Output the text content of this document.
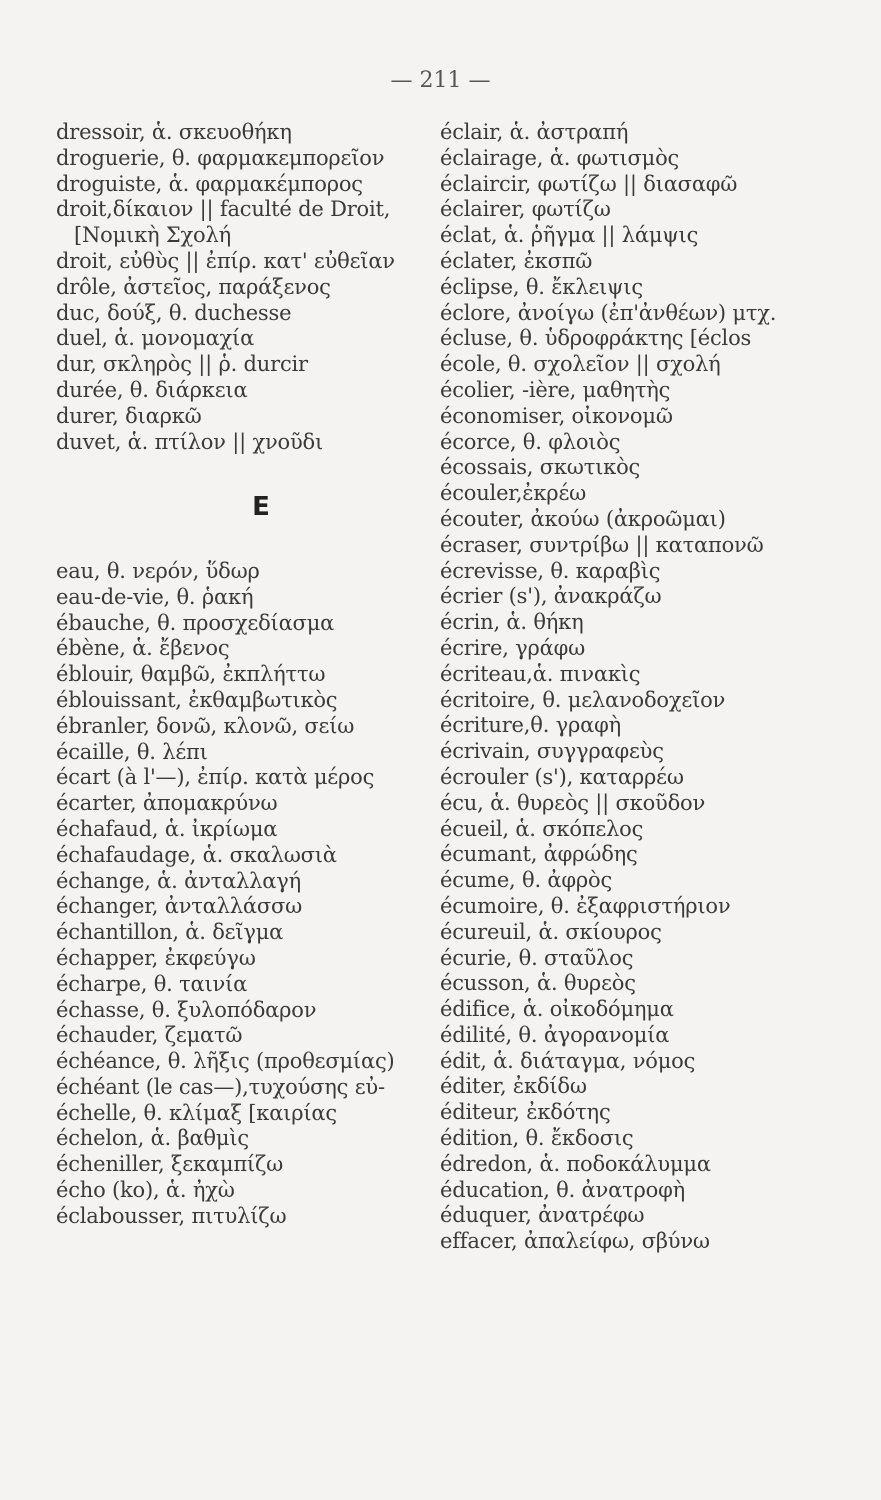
— 211 —
dressoir, ἁ. σκευοθήκη
droguerie, θ. φαρμακεμπορεῖον
droguiste, ἁ. φαρμακέμπορος
droit,δίκαιον || faculté de Droit,
[Νομικὴ Σχολή
droit, εὐθὺς || ἐπίρ. κατ' εὐθεῖαν
drôle, ἀστεῖος, παράξενος
duc, δούξ, θ. duchesse
duel, ἁ. μονομαχία
dur, σκληρὸς || ῥ. durcir
durée, θ. διάρκεια
durer, διαρκῶ
duvet, ἁ. πτίλον || χνοῦδι
E
eau, θ. νερόν, ὕδωρ
eau-de-vie, θ. ῥακή
ébauche, θ. προσχεδίασμα
ébène, ἁ. ἔβενος
éblouir, θαμβῶ, ἐκπλήττω
éblouissant, ἐκθαμβωτικὸς
ébranler, δονῶ, κλονῶ, σείω
écaille, θ. λέπι
écart (à l'—), ἐπίρ. κατὰ μέρος
écarter, ἀπομακρύνω
échafaud, ἁ. ἰκρίωμα
échafaudage, ἁ. σκαλωσιὰ
échange, ἁ. ἀνταλλαγή
échanger, ἀνταλλάσσω
échantillon, ἁ. δεῖγμα
échapper, ἐκφεύγω
écharpe, θ. ταινία
échasse, θ. ξυλοπόδαρον
échauder, ζεματῶ
échéance, θ. λῆξις (προθεσμίας)
échéant (le cas—),τυχούσης εὐ-
échelle, θ. κλίμαξ [καιρίας
échelon, ἁ. βαθμὶς
écheniller, ξεκαμπίζω
écho (ko), ἁ. ἠχὼ
éclabousser, πιτυλίζω
éclair, ἁ. ἀστραπή
éclairage, ἁ. φωτισμὸς
éclaircir, φωτίζω || διασαφῶ
éclairer, φωτίζω
éclat, ἁ. ῥῆγμα || λάμψις
éclater, ἐκσπῶ
éclipse, θ. ἔκλειψις
éclore, ἀνοίγω (ἐπ'ἀνθέων) μτχ.
écluse, θ. ὑδροφράκτης [éclos
école, θ. σχολεῖον || σχολή
écolier, -ière, μαθητὴς
économiser, οἰκονομῶ
écorce, θ. φλοιὸς
écossais, σκωτικὸς
écouler,ἐκρέω
écouter, ἀκούω (ἀκροῶμαι)
écraser, συντρίβω || καταπονῶ
écrevisse, θ. καραβὶς
écrier (s'), ἀνακράζω
écrin, ἁ. θήκη
écrire, γράφω
écriteau,ἁ. πινακὶς
écritoire, θ. μελανοδοχεῖον
écriture,θ. γραφὴ
écrivain, συγγραφεὺς
écrouler (s'), καταρρέω
écu, ἁ. θυρεὸς || σκοῦδον
écueil, ἁ. σκόπελος
écumant, ἀφρώδης
écume, θ. ἀφρὸς
écumoire, θ. ἐξαφριστήριον
écureuil, ἁ. σκίουρος
écurie, θ. σταῦλος
écusson, ἁ. θυρεὸς
édifice, ἁ. οἰκοδόμημα
édilité, θ. ἀγορανομία
édit, ἁ. διάταγμα, νόμος
éditer, ἐκδίδω
éditeur, ἐκδότης
édition, θ. ἔκδοσις
édredon, ἁ. ποδοκάλυμμα
éducation, θ. ἀνατροφὴ
éduquer, ἀνατρέφω
effacer, ἀπαλείφω, σβύνω
